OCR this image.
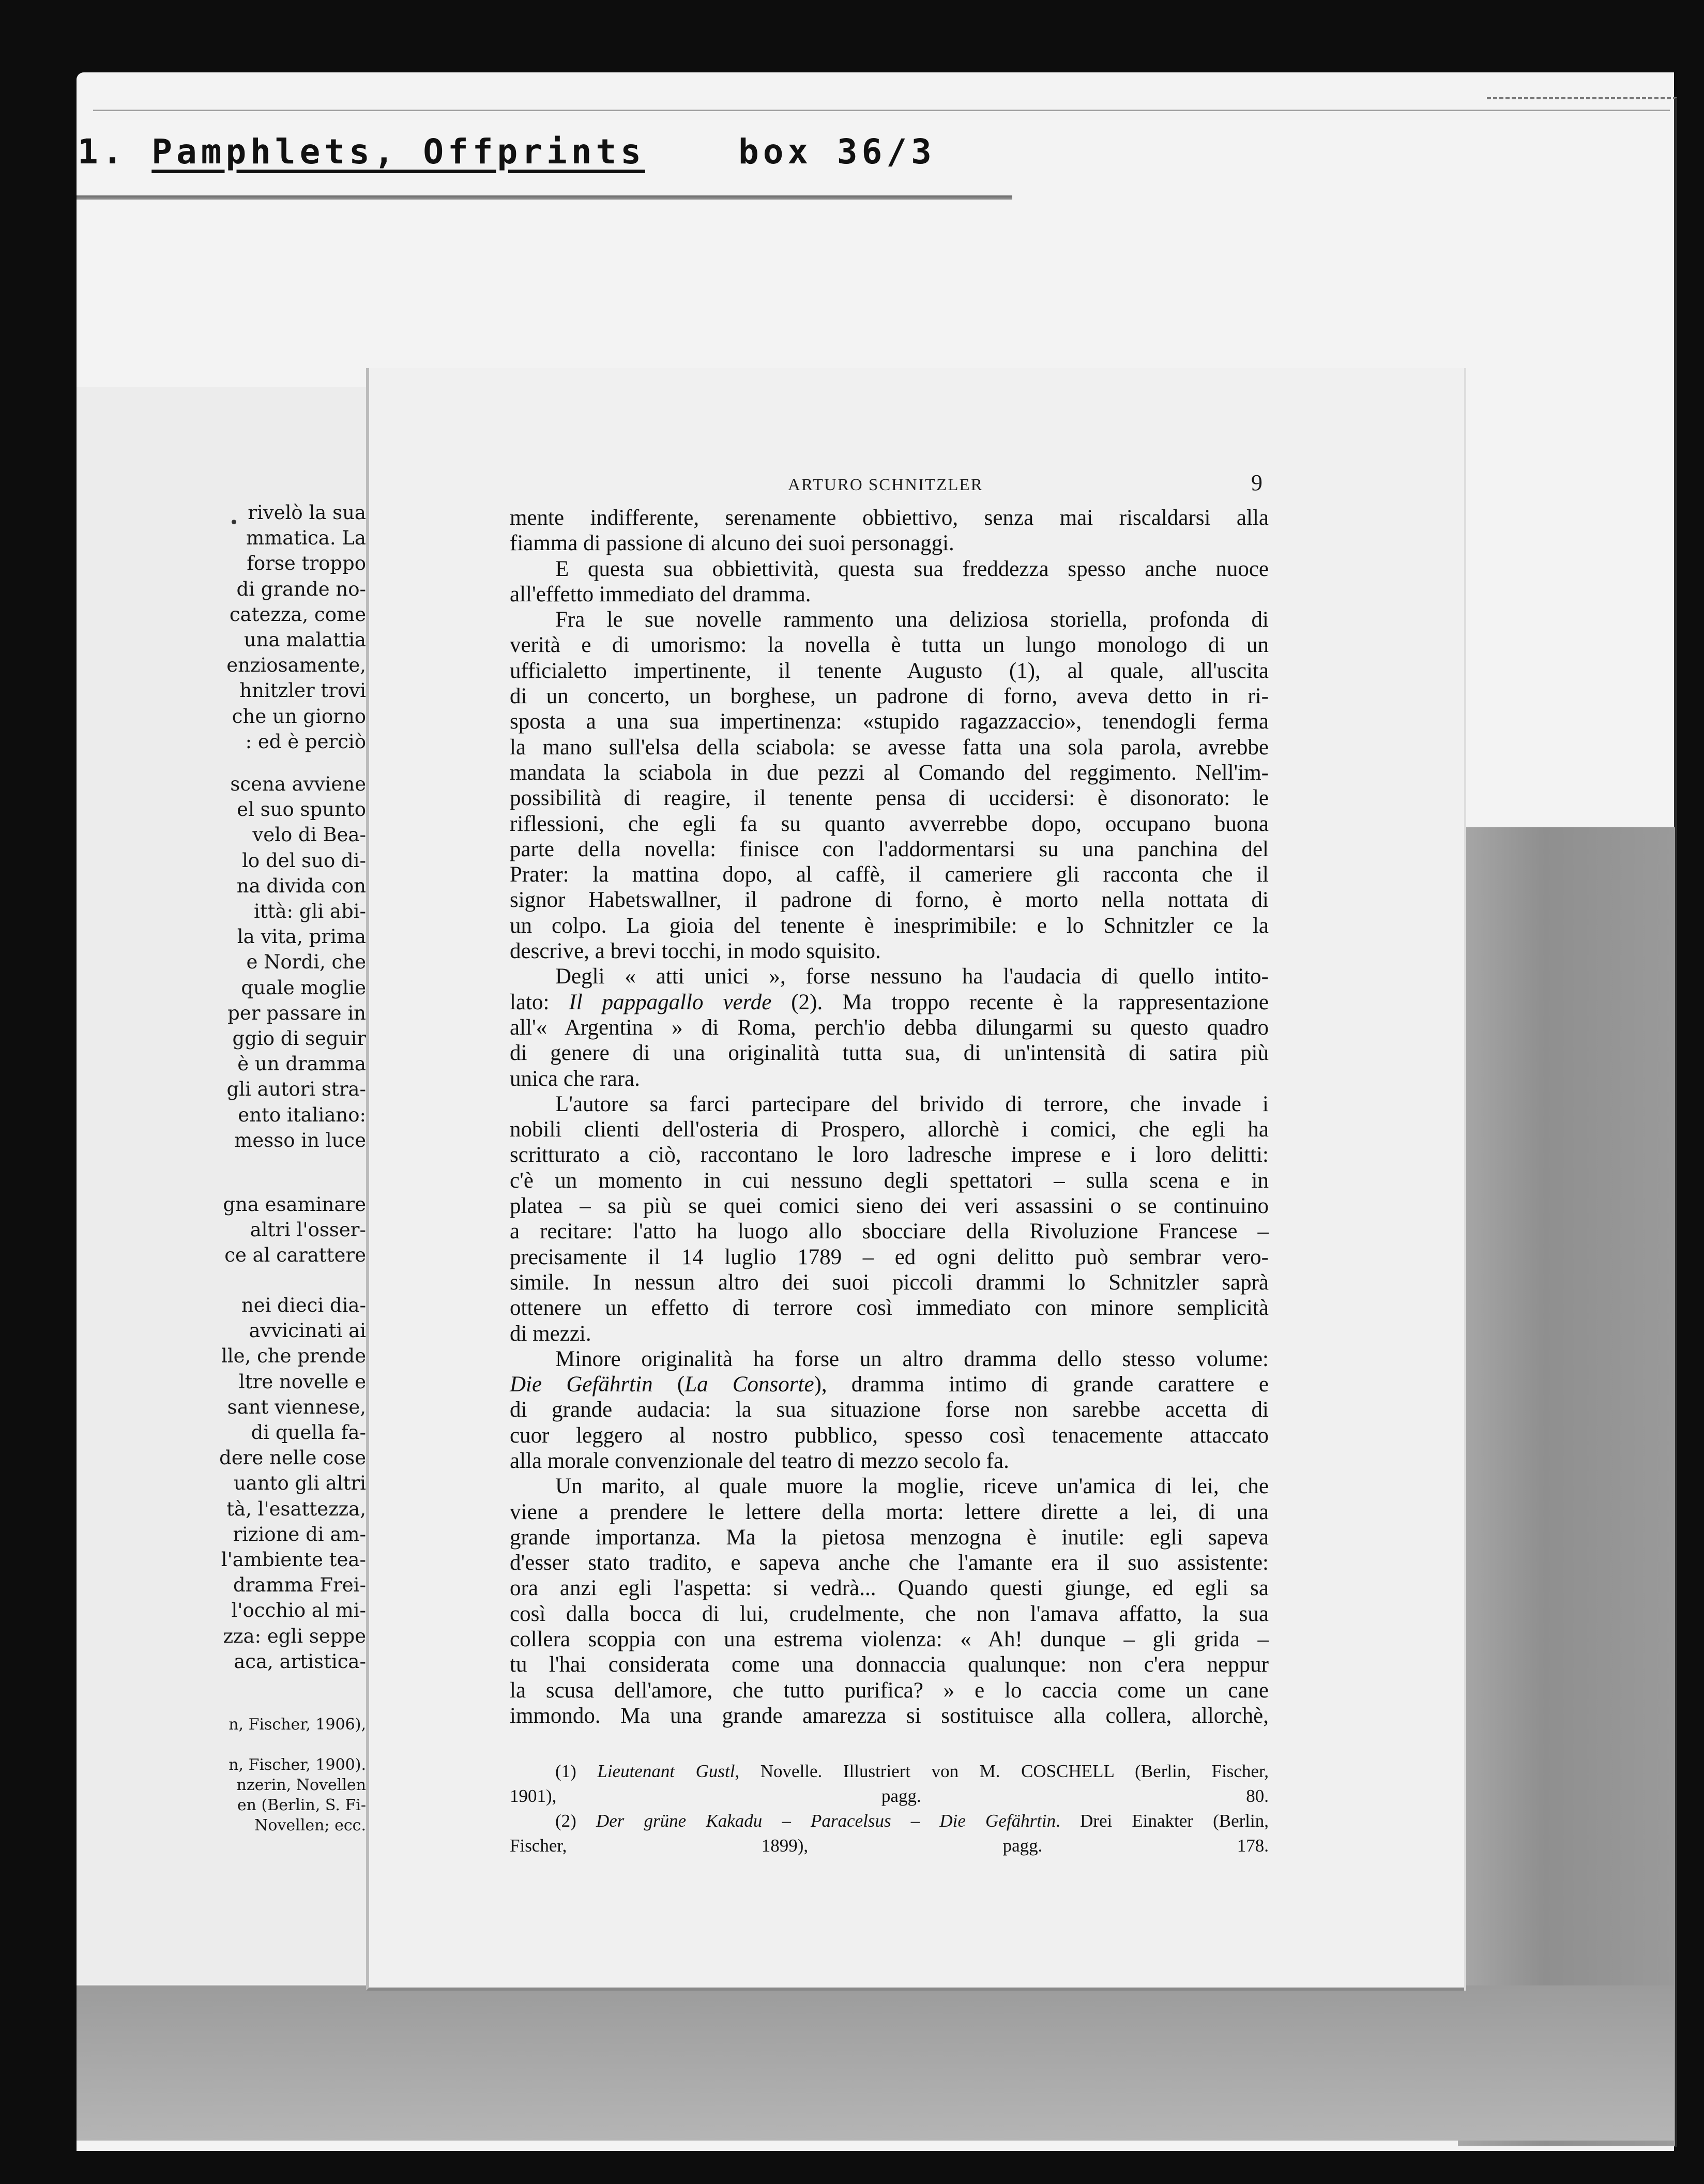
1. Pamphlets, Offprints	box 36/3
rivelò la sua
mmatica. La
forse troppo
di grande no-
catezza, come
una malattia
enziosamente,
hnitzler trovi
che un giorno
: ed è perciò
scena avviene
el suo spunto
velo di Bea-
lo del suo di-
na divida con
ittà: gli abi-
la vita, prima
e Nordi, che
quale moglie
per passare in
ggio di seguir
è un dramma
gli autori stra-
ento italiano:
messo in luce
gna esaminare
altri l'osser-
ce al carattere
nei dieci dia-
avvicinati ai
lle, che prende
ltre novelle e
sant viennese,
di quella fa-
dere nelle cose
uanto gli altri
tà, l'esattezza,
rizione di am-
l'ambiente tea-
dramma Frei-
l'occhio al mi-
zza: egli seppe
aca, artistica-
n, Fischer, 1906),
n, Fischer, 1900).
nzerin, Novellen
en (Berlin, S. Fi-
Novellen; ecc.
ARTURO SCHNITZLER	9

mente indifferente, serenamente obbiettivo, senza mai riscaldarsi alla
fiamma di passione di alcuno dei suoi personaggi.

E questa sua obbiettività, questa sua freddezza spesso anche nuoce
all'effetto immediato del dramma.

Fra le sue novelle rammento una deliziosa storiella, profonda di
verità e di umorismo: la novella è tutta un lungo monologo di un
ufficialetto impertinente, il tenente Augusto (1), al quale, all'uscita
di un concerto, un borghese, un padrone di forno, aveva detto in ri-
sposta a una sua impertinenza: «stupido ragazzaccio», tenendogli ferma
la mano sull'elsa della sciabola: se avesse fatta una sola parola, avrebbe
mandata la sciabola in due pezzi al Comando del reggimento. Nell'im-
possibilità di reagire, il tenente pensa di uccidersi: è disonorato: le
riflessioni, che egli fa su quanto avverrebbe dopo, occupano buona
parte della novella: finisce con l'addormentarsi su una panchina del
Prater: la mattina dopo, al caffè, il cameriere gli racconta che il
signor Habetswallner, il padrone di forno, è morto nella nottata di
un colpo. La gioia del tenente è inesprimibile: e lo Schnitzler ce la
descrive, a brevi tocchi, in modo squisito.

Degli « atti unici », forse nessuno ha l'audacia di quello intito-
lato: Il pappagallo verde (2). Ma troppo recente è la rappresentazione
all'« Argentina » di Roma, perch'io debba dilungarmi su questo quadro
di genere di una originalità tutta sua, di un'intensità di satira più
unica che rara.

L'autore sa farci partecipare del brivido di terrore, che invade i
nobili clienti dell'osteria di Prospero, allorchè i comici, che egli ha
scritturato a ciò, raccontano le loro ladresche imprese e i loro delitti:
c'è un momento in cui nessuno degli spettatori – sulla scena e in
platea – sa più se quei comici sieno dei veri assassini o se continuino
a recitare: l'atto ha luogo allo sbocciare della Rivoluzione Francese –
precisamente il 14 luglio 1789 – ed ogni delitto può sembrar vero-
simile. In nessun altro dei suoi piccoli drammi lo Schnitzler saprà
ottenere un effetto di terrore così immediato con minore semplicità
di mezzi.

Minore originalità ha forse un altro dramma dello stesso volume:
Die Gefährtin (La Consorte), dramma intimo di grande carattere e
di grande audacia: la sua situazione forse non sarebbe accetta di
cuor leggero al nostro pubblico, spesso così tenacemente attaccato
alla morale convenzionale del teatro di mezzo secolo fa.

Un marito, al quale muore la moglie, riceve un'amica di lei, che
viene a prendere le lettere della morta: lettere dirette a lei, di una
grande importanza. Ma la pietosa menzogna è inutile: egli sapeva
d'esser stato tradito, e sapeva anche che l'amante era il suo assistente:
ora anzi egli l'aspetta: si vedrà... Quando questi giunge, ed egli sa
così dalla bocca di lui, crudelmente, che non l'amava affatto, la sua
collera scoppia con una estrema violenza: « Ah! dunque – gli grida –
tu l'hai considerata come una donnaccia qualunque: non c'era neppur
la scusa dell'amore, che tutto purifica? » e lo caccia come un cane
immondo. Ma una grande amarezza si sostituisce alla collera, allorchè,

(1) Lieutenant Gustl, Novelle. Illustriert von M. COSCHELL (Berlin, Fischer,
1901), pagg. 80.
(2) Der grüne Kakadu – Paracelsus – Die Gefährtin. Drei Einakter (Berlin,
Fischer, 1899), pagg. 178.
